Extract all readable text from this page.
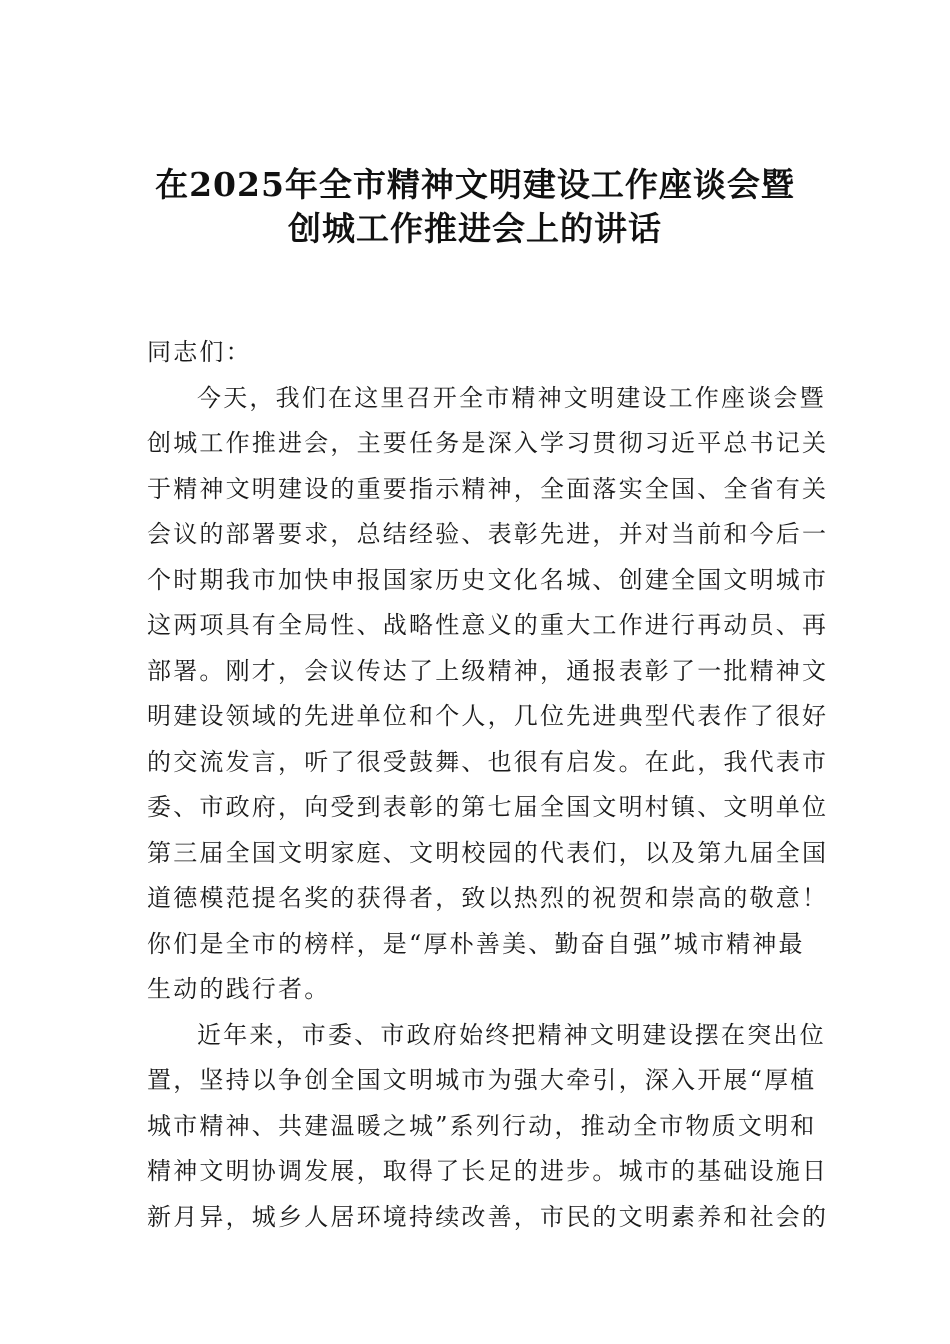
在2025年全市精神文明建设工作座谈会暨
创城工作推进会上的讲话
同志们：
今天，我们在这里召开全市精神文明建设工作座谈会暨
创城工作推进会，主要任务是深入学习贯彻习近平总书记关
于精神文明建设的重要指示精神，全面落实全国、全省有关
会议的部署要求，总结经验、表彰先进，并对当前和今后一
个时期我市加快申报国家历史文化名城、创建全国文明城市
这两项具有全局性、战略性意义的重大工作进行再动员、再
部署。刚才，会议传达了上级精神，通报表彰了一批精神文
明建设领域的先进单位和个人，几位先进典型代表作了很好
的交流发言，听了很受鼓舞、也很有启发。在此，我代表市
委、市政府，向受到表彰的第七届全国文明村镇、文明单位
第三届全国文明家庭、文明校园的代表们，以及第九届全国
道德模范提名奖的获得者，致以热烈的祝贺和崇高的敬意！
你们是全市的榜样，是“厚朴善美、勤奋自强”城市精神最
生动的践行者。
近年来，市委、市政府始终把精神文明建设摆在突出位
置，坚持以争创全国文明城市为强大牵引，深入开展“厚植
城市精神、共建温暖之城”系列行动，推动全市物质文明和
精神文明协调发展，取得了长足的进步。城市的基础设施日
新月异，城乡人居环境持续改善，市民的文明素养和社会的
